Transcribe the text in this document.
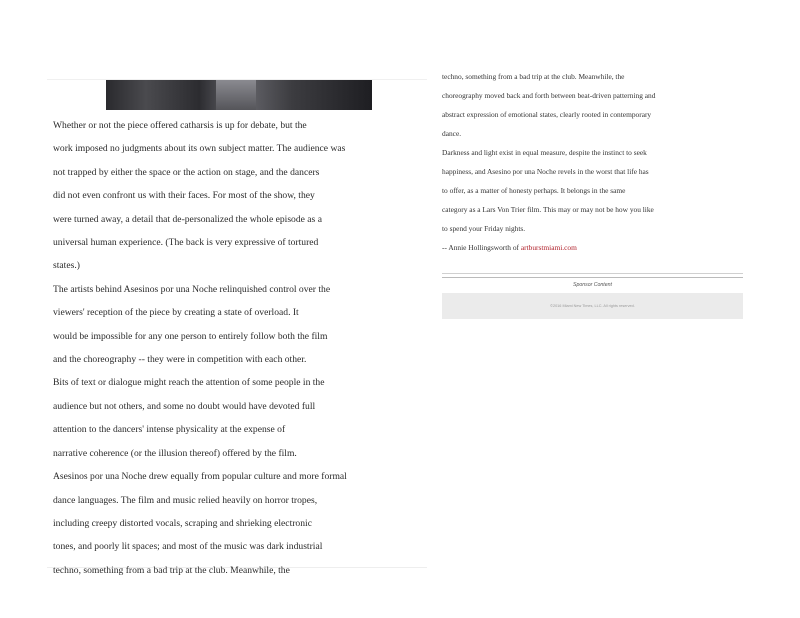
Whether or not the piece offered catharsis is up for debate, but the

work imposed no judgments about its own subject matter. The audience was

not trapped by either the space or the action on stage, and the dancers

did not even confront us with their faces. For most of the show, they

were turned away, a detail that de-personalized the whole episode as a

universal human experience. (The back is very expressive of tortured

states.)

The artists behind Asesinos por una Noche relinquished control over the

viewers' reception of the piece by creating a state of overload. It

would be impossible for any one person to entirely follow both the film

and the choreography -- they were in competition with each other.

Bits of text or dialogue might reach the attention of some people in the

audience but not others, and some no doubt would have devoted full

attention to the dancers' intense physicality at the expense of

narrative coherence (or the illusion thereof) offered by the film.

Asesinos por una Noche drew equally from popular culture and more formal

dance languages. The film and music relied heavily on horror tropes,

including creepy distorted vocals, scraping and shrieking electronic

tones, and poorly lit spaces; and most of the music was dark industrial

techno, something from a bad trip at the club. Meanwhile, the

techno, something from a bad trip at the club. Meanwhile, the

choreography moved back and forth between beat-driven patterning and

abstract expression of emotional states, clearly rooted in contemporary

dance.

Darkness and light exist in equal measure, despite the instinct to seek

happiness, and Asesino por una Noche revels in the worst that life has

to offer, as a matter of honesty perhaps. It belongs in the same

category as a Lars Von Trier film. This may or may not be how you like

to spend your Friday nights.

-- Annie Hollingsworth of artburstmiami.com

Sponsor Content
©2016 Miami New Times, LLC. All rights reserved.
